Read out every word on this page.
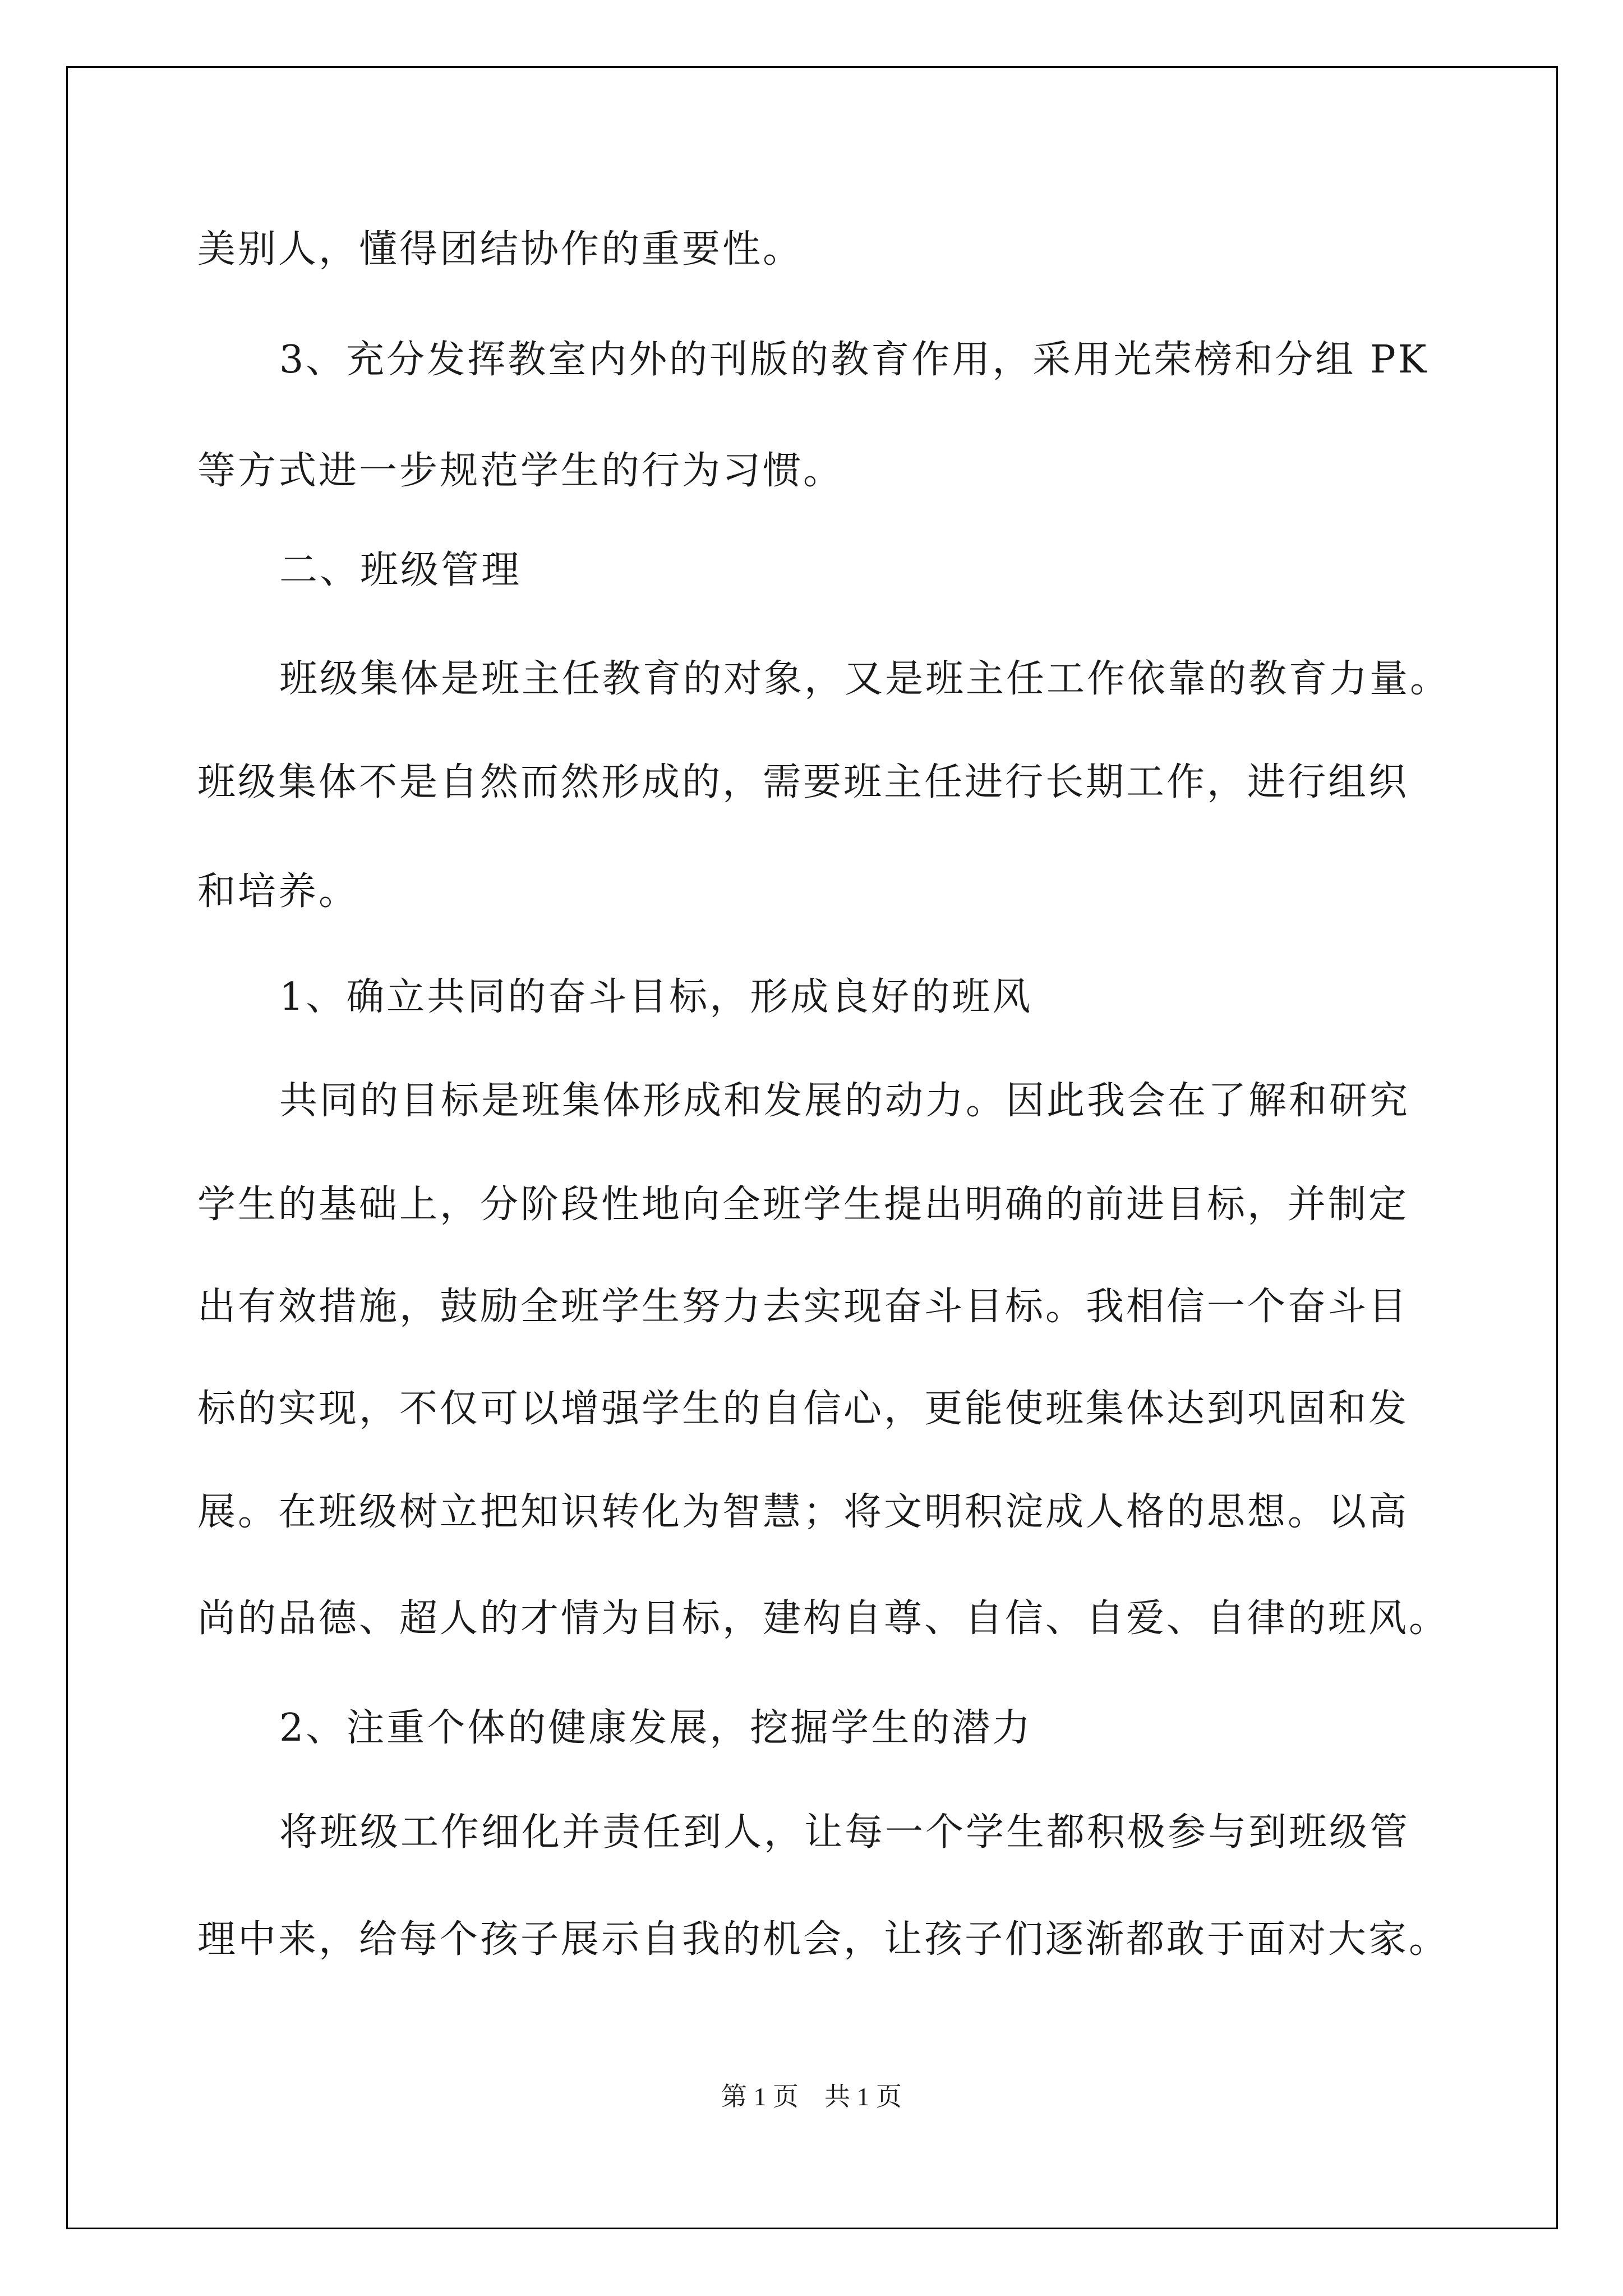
美别人，懂得团结协作的重要性。
3、充分发挥教室内外的刊版的教育作用，采用光荣榜和分组 PK
等方式进一步规范学生的行为习惯。
二、班级管理
班级集体是班主任教育的对象，又是班主任工作依靠的教育力量。
班级集体不是自然而然形成的，需要班主任进行长期工作，进行组织
和培养。
1、确立共同的奋斗目标，形成良好的班风
共同的目标是班集体形成和发展的动力。因此我会在了解和研究
学生的基础上，分阶段性地向全班学生提出明确的前进目标，并制定
出有效措施，鼓励全班学生努力去实现奋斗目标。我相信一个奋斗目
标的实现，不仅可以增强学生的自信心，更能使班集体达到巩固和发
展。在班级树立把知识转化为智慧；将文明积淀成人格的思想。以高
尚的品德、超人的才情为目标，建构自尊、自信、自爱、自律的班风。
2、注重个体的健康发展，挖掘学生的潜力
将班级工作细化并责任到人，让每一个学生都积极参与到班级管
理中来，给每个孩子展示自我的机会，让孩子们逐渐都敢于面对大家。
第 1 页　共 1 页
